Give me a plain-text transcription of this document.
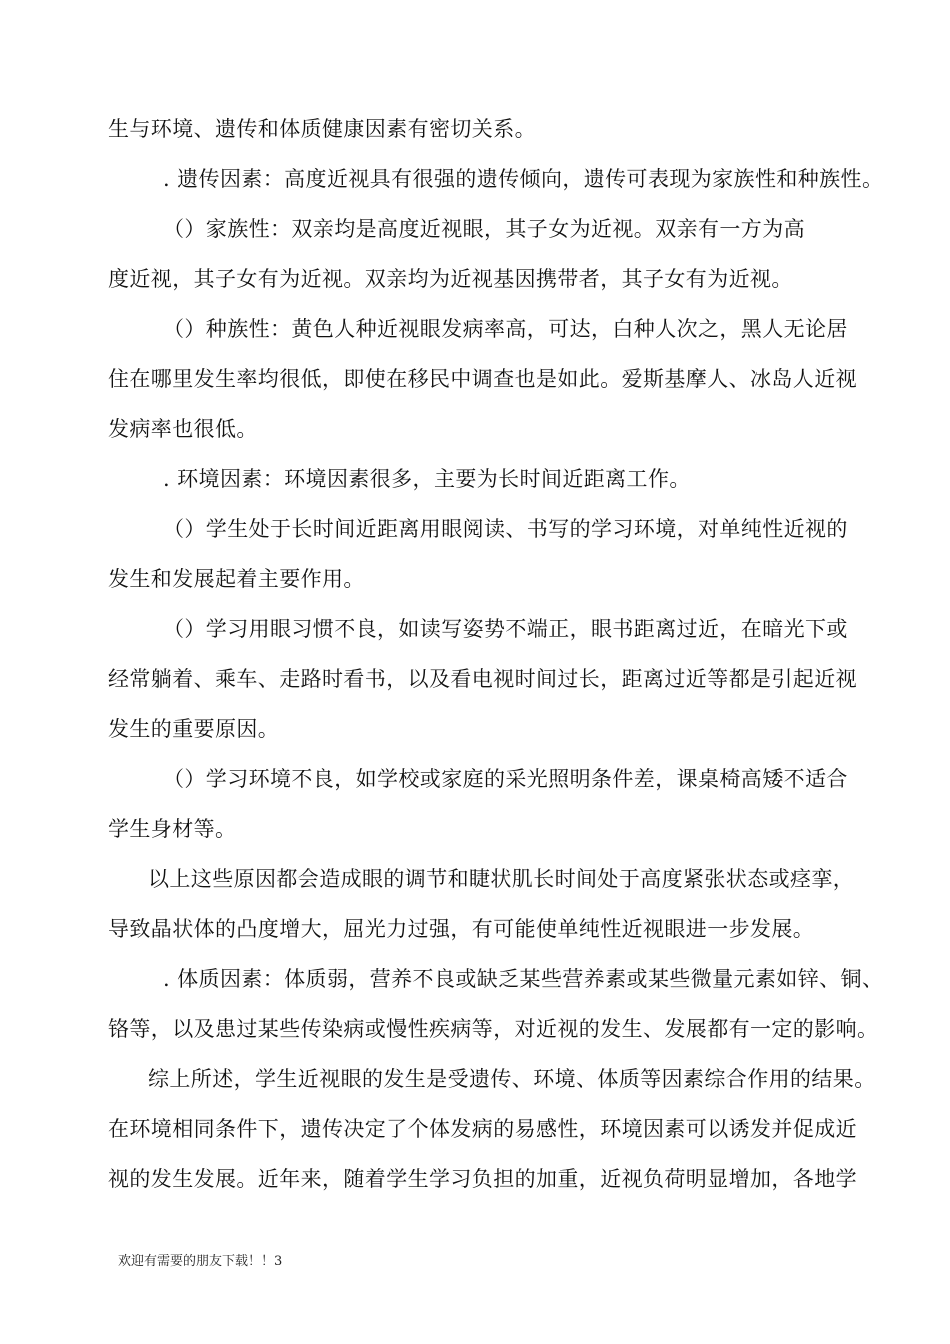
生与环境、遗传和体质健康因素有密切关系。
. 遗传因素：高度近视具有很强的遗传倾向，遗传可表现为家族性和种族性。
（）家族性：双亲均是高度近视眼，其子女为近视。双亲有一方为高
度近视，其子女有为近视。双亲均为近视基因携带者，其子女有为近视。
（）种族性：黄色人种近视眼发病率高，可达，白种人次之，黑人无论居
住在哪里发生率均很低，即使在移民中调查也是如此。爱斯基摩人、冰岛人近视
发病率也很低。
. 环境因素：环境因素很多，主要为长时间近距离工作。
（）学生处于长时间近距离用眼阅读、书写的学习环境，对单纯性近视的
发生和发展起着主要作用。
（）学习用眼习惯不良，如读写姿势不端正，眼书距离过近，在暗光下或
经常躺着、乘车、走路时看书，以及看电视时间过长，距离过近等都是引起近视
发生的重要原因。
（）学习环境不良，如学校或家庭的采光照明条件差，课桌椅高矮不适合
学生身材等。
以上这些原因都会造成眼的调节和睫状肌长时间处于高度紧张状态或痉挛，
导致晶状体的凸度增大，屈光力过强，有可能使单纯性近视眼进一步发展。
. 体质因素：体质弱，营养不良或缺乏某些营养素或某些微量元素如锌、铜、
铬等，以及患过某些传染病或慢性疾病等，对近视的发生、发展都有一定的影响。
综上所述，学生近视眼的发生是受遗传、环境、体质等因素综合作用的结果。
在环境相同条件下，遗传决定了个体发病的易感性，环境因素可以诱发并促成近
视的发生发展。近年来，随着学生学习负担的加重，近视负荷明显增加，各地学
欢迎有需要的朋友下载！！3
